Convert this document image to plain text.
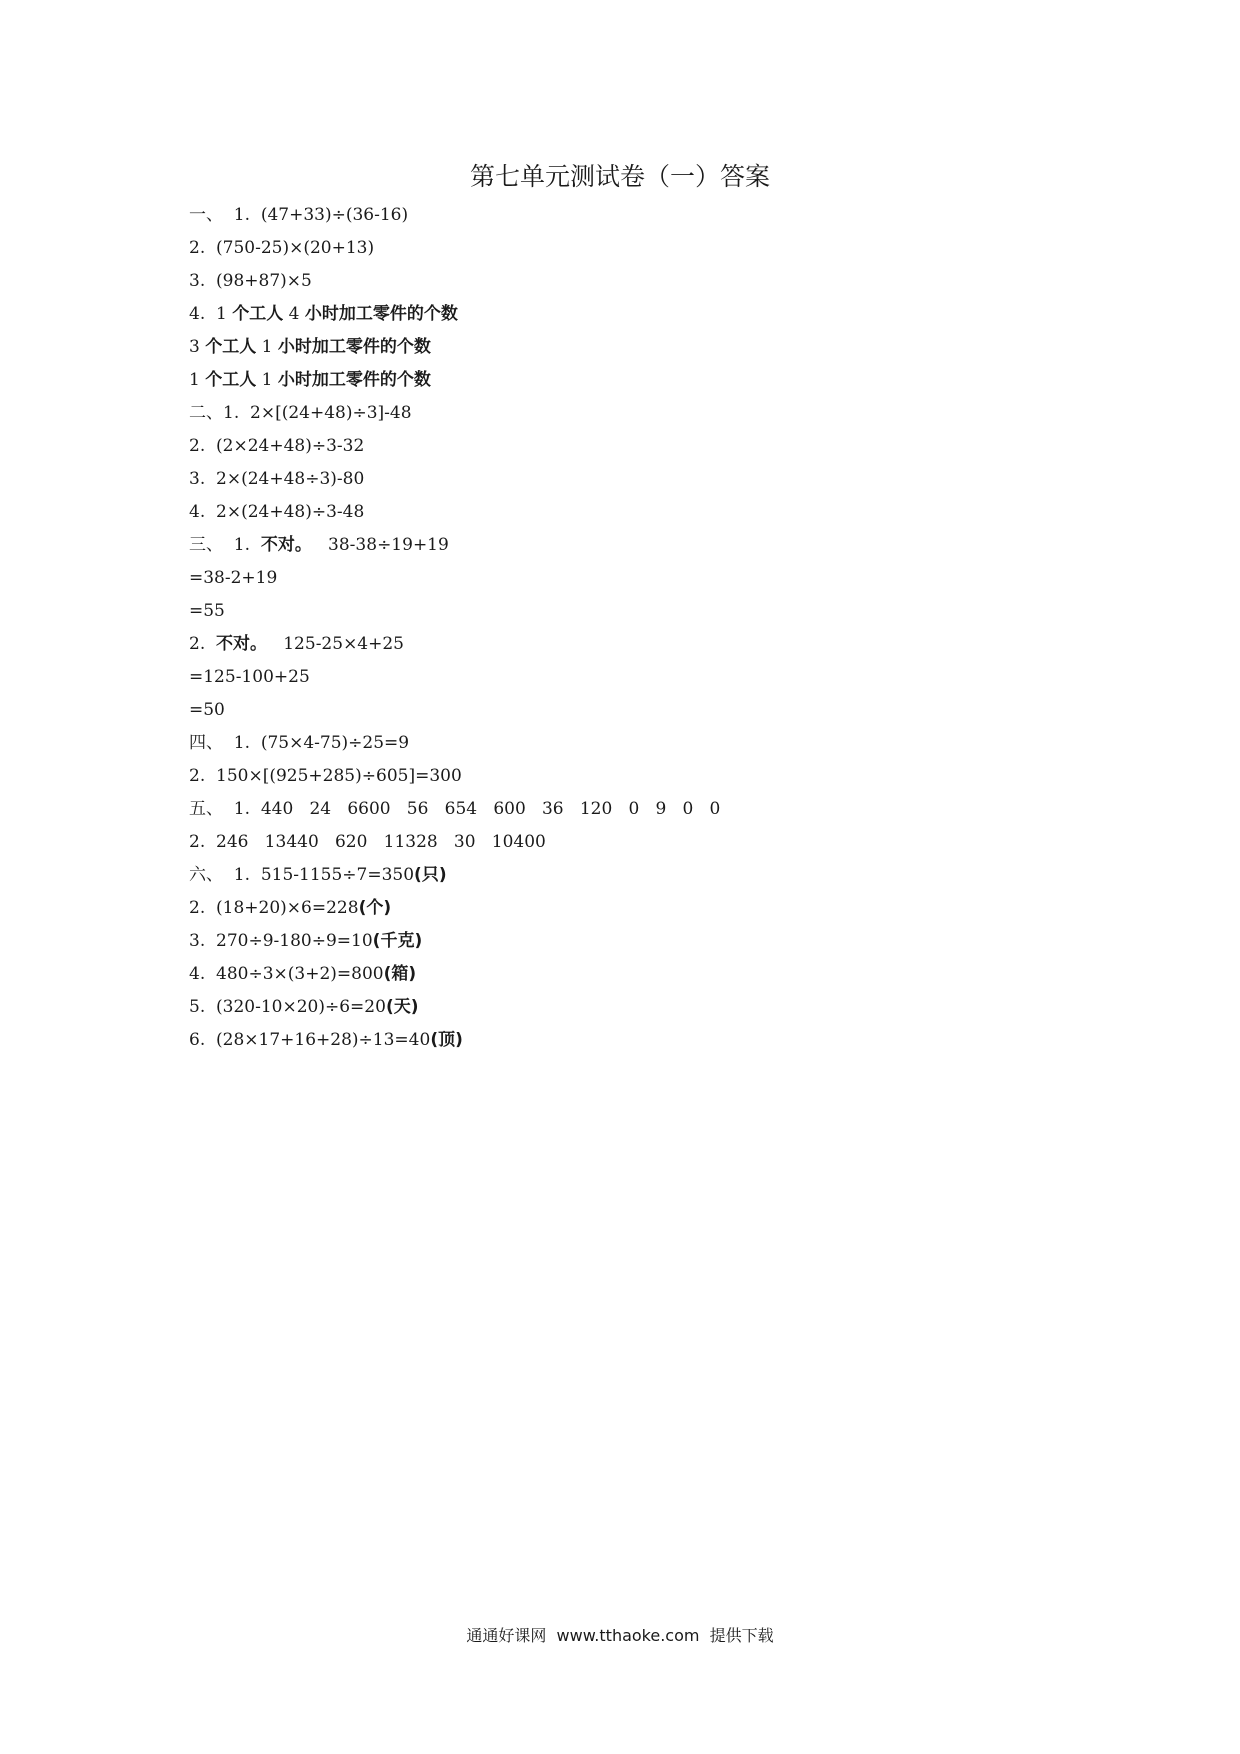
第七单元测试卷（一）答案
一、  1.  (47+33)÷(36-16)
2.  (750-25)×(20+13)
3.  (98+87)×5
4.  1 个工人 4 小时加工零件的个数
3 个工人 1 小时加工零件的个数
1 个工人 1 小时加工零件的个数
二、1.  2×[(24+48)÷3]-48
2.  (2×24+48)÷3-32
3.  2×(24+48÷3)-80
4.  2×(24+48)÷3-48
三、  1.  不对。   38-38÷19+19
=38-2+19
=55
2.  不对。   125-25×4+25
=125-100+25
=50
四、  1.  (75×4-75)÷25=9
2.  150×[(925+285)÷605]=300
五、  1.  440   24   6600   56   654   600   36   120   0   9   0   0
2.  246   13440   620   11328   30   10400
六、  1.  515-1155÷7=350(只)
2.  (18+20)×6=228(个)
3.  270÷9-180÷9=10(千克)
4.  480÷3×(3+2)=800(箱)
5.  (320-10×20)÷6=20(天)
6.  (28×17+16+28)÷13=40(顶)
通通好课网  www.tthaoke.com  提供下载
